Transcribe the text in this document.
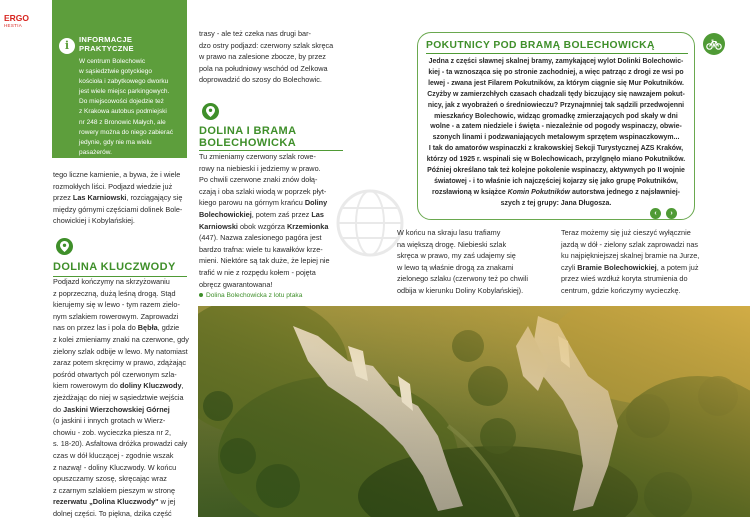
ERGO
HESTIA
i	INFORMACJE
PRAKTYCZNE
W centrum Bolechowic
w sąsiedztwie gotyckiego
kościoła i zabytkowego dworku
jest wiele miejsc parkingowych.
Do miejscowości dojedzie też
z Krakowa autobus podmiejski
nr 248 z Bronowic Małych, ale
rowery można do niego zabierać
jedynie, gdy nie ma wielu
pasażerów.
tego liczne kamienie, a bywa, że i wiele
rozmokłych liści. Podjazd wiedzie już
przez Las Karniowski, rozciągający się
między górnymi częściami dolinek Bole-
chowickiej i Kobylańskiej.
DOLINA KLUCZWODY
Podjazd kończymy na skrzyżowaniu
z poprzeczną, dużą leśną drogą. Stąd
kierujemy się w lewo - tym razem zielo-
nym szlakiem rowerowym. Zaprowadzi
nas on przez las i pola do Bębła, gdzie
z kolei zmieniamy znaki na czerwone, gdy
zielony szlak odbije w lewo. My natomiast
zaraz potem skręcimy w prawo, zdążając
pośród otwartych pól czerwonym szla-
kiem rowerowym do doliny Kluczwody,
zjeżdżając do niej w sąsiedztwie wejścia
do Jaskini Wierzchowskiej Górnej
(o jaskini i innych grotach w Wierz-
chowiu - zob. wycieczka piesza nr 2,
s. 18-20). Asfaltowa dróżka prowadzi cały
czas w dół kluczącej - zgodnie wszak
z nazwą! - doliny Kluczwody. W końcu
opuszczamy szosę, skręcając wraz
z czarnym szlakiem pieszym w stronę
rezerwatu „Dolina Kluczwody" w jej
dolnej części. To piękna, dzika część
trasy - ale też czeka nas drugi bar-
dzo ostry podjazd: czerwony szlak skręca
w prawo na zalesione zbocze, by przez
pola na południowy wschód od Zelkowa
doprowadzić do szosy do Bolechowic.
DOLINA I BRAMA
BOLECHOWICKA
Tu zmieniamy czerwony szlak rowe-
rowy na niebieski i jedziemy w prawo.
Po chwili czerwone znaki znów dołą-
czają i oba szlaki wiodą w poprzek płyt-
kiego parowu na górnym krańcu Doliny
Bolechowickiej, potem zaś przez Las
Karniowski obok wzgórza Krzemionka
(447). Nazwa zalesionego pagóra jest
bardzo trafna: wiele tu kawałków krze-
mieni. Niektóre są tak duże, że lepiej nie
trafić w nie z rozpędu kołem - pojęta
obręcz gwarantowana!
Dolina Bolechowicka z lotu ptaka
POKUTNICY POD BRAMĄ BOLECHOWICKĄ
Jedna z części sławnej skalnej bramy, zamykającej wylot Dolinki Bolechowic-
kiej - ta wznosząca się po stronie zachodniej, a więc patrząc z drogi ze wsi po
lewej - zwana jest Filarem Pokutników, za którym ciągnie się Mur Pokutników.
Czyżby w zamierzchłych czasach chadzali tędy biczujący się nawzajem pokut-
nicy, jak z wyobrażeń o średniowieczu? Przynajmniej tak sądzili przedwojenni
mieszkańcy Bolechowic, widząc gromadkę zmierzających pod skały w dni
wolne - a zatem niedziele i święta - niezależnie od pogody wspinaczy, obwie-
szonych linami i podzwaniających metalowym sprzętem wspinaczkowym...
I tak do amatorów wspinaczki z krakowskiej Sekcji Turystycznej AZS Kraków,
którzy od 1925 r. wspinali się w Bolechowicach, przylgnęło miano Pokutników.
Później określano tak też kolejne pokolenie wspinaczy, aktywnych po II wojnie
światowej - i to właśnie ich najczęściej kojarzy się jako grupę Pokutników,
rozsławioną w książce Komin Pokutników autorstwa jednego z najsławniej-
szych z tej grupy: Jana Długosza.
‹	›
W końcu na skraju lasu trafiamy
na większą drogę. Niebieski szlak
skręca w prawo, my zaś udajemy się
w lewo tą właśnie drogą za znakami
zielonego szlaku (czerwony też po chwili
odbija w kierunku Doliny Kobylańskiej).
Teraz możemy się już cieszyć wyłącznie
jazdą w dół - zielony szlak zaprowadzi nas
ku najpiękniejszej skalnej bramie na Jurze,
czyli Bramie Bolechowickiej, a potem już
przez wieś wzdłuż koryta strumienia do
centrum, gdzie kończymy wycieczkę.
